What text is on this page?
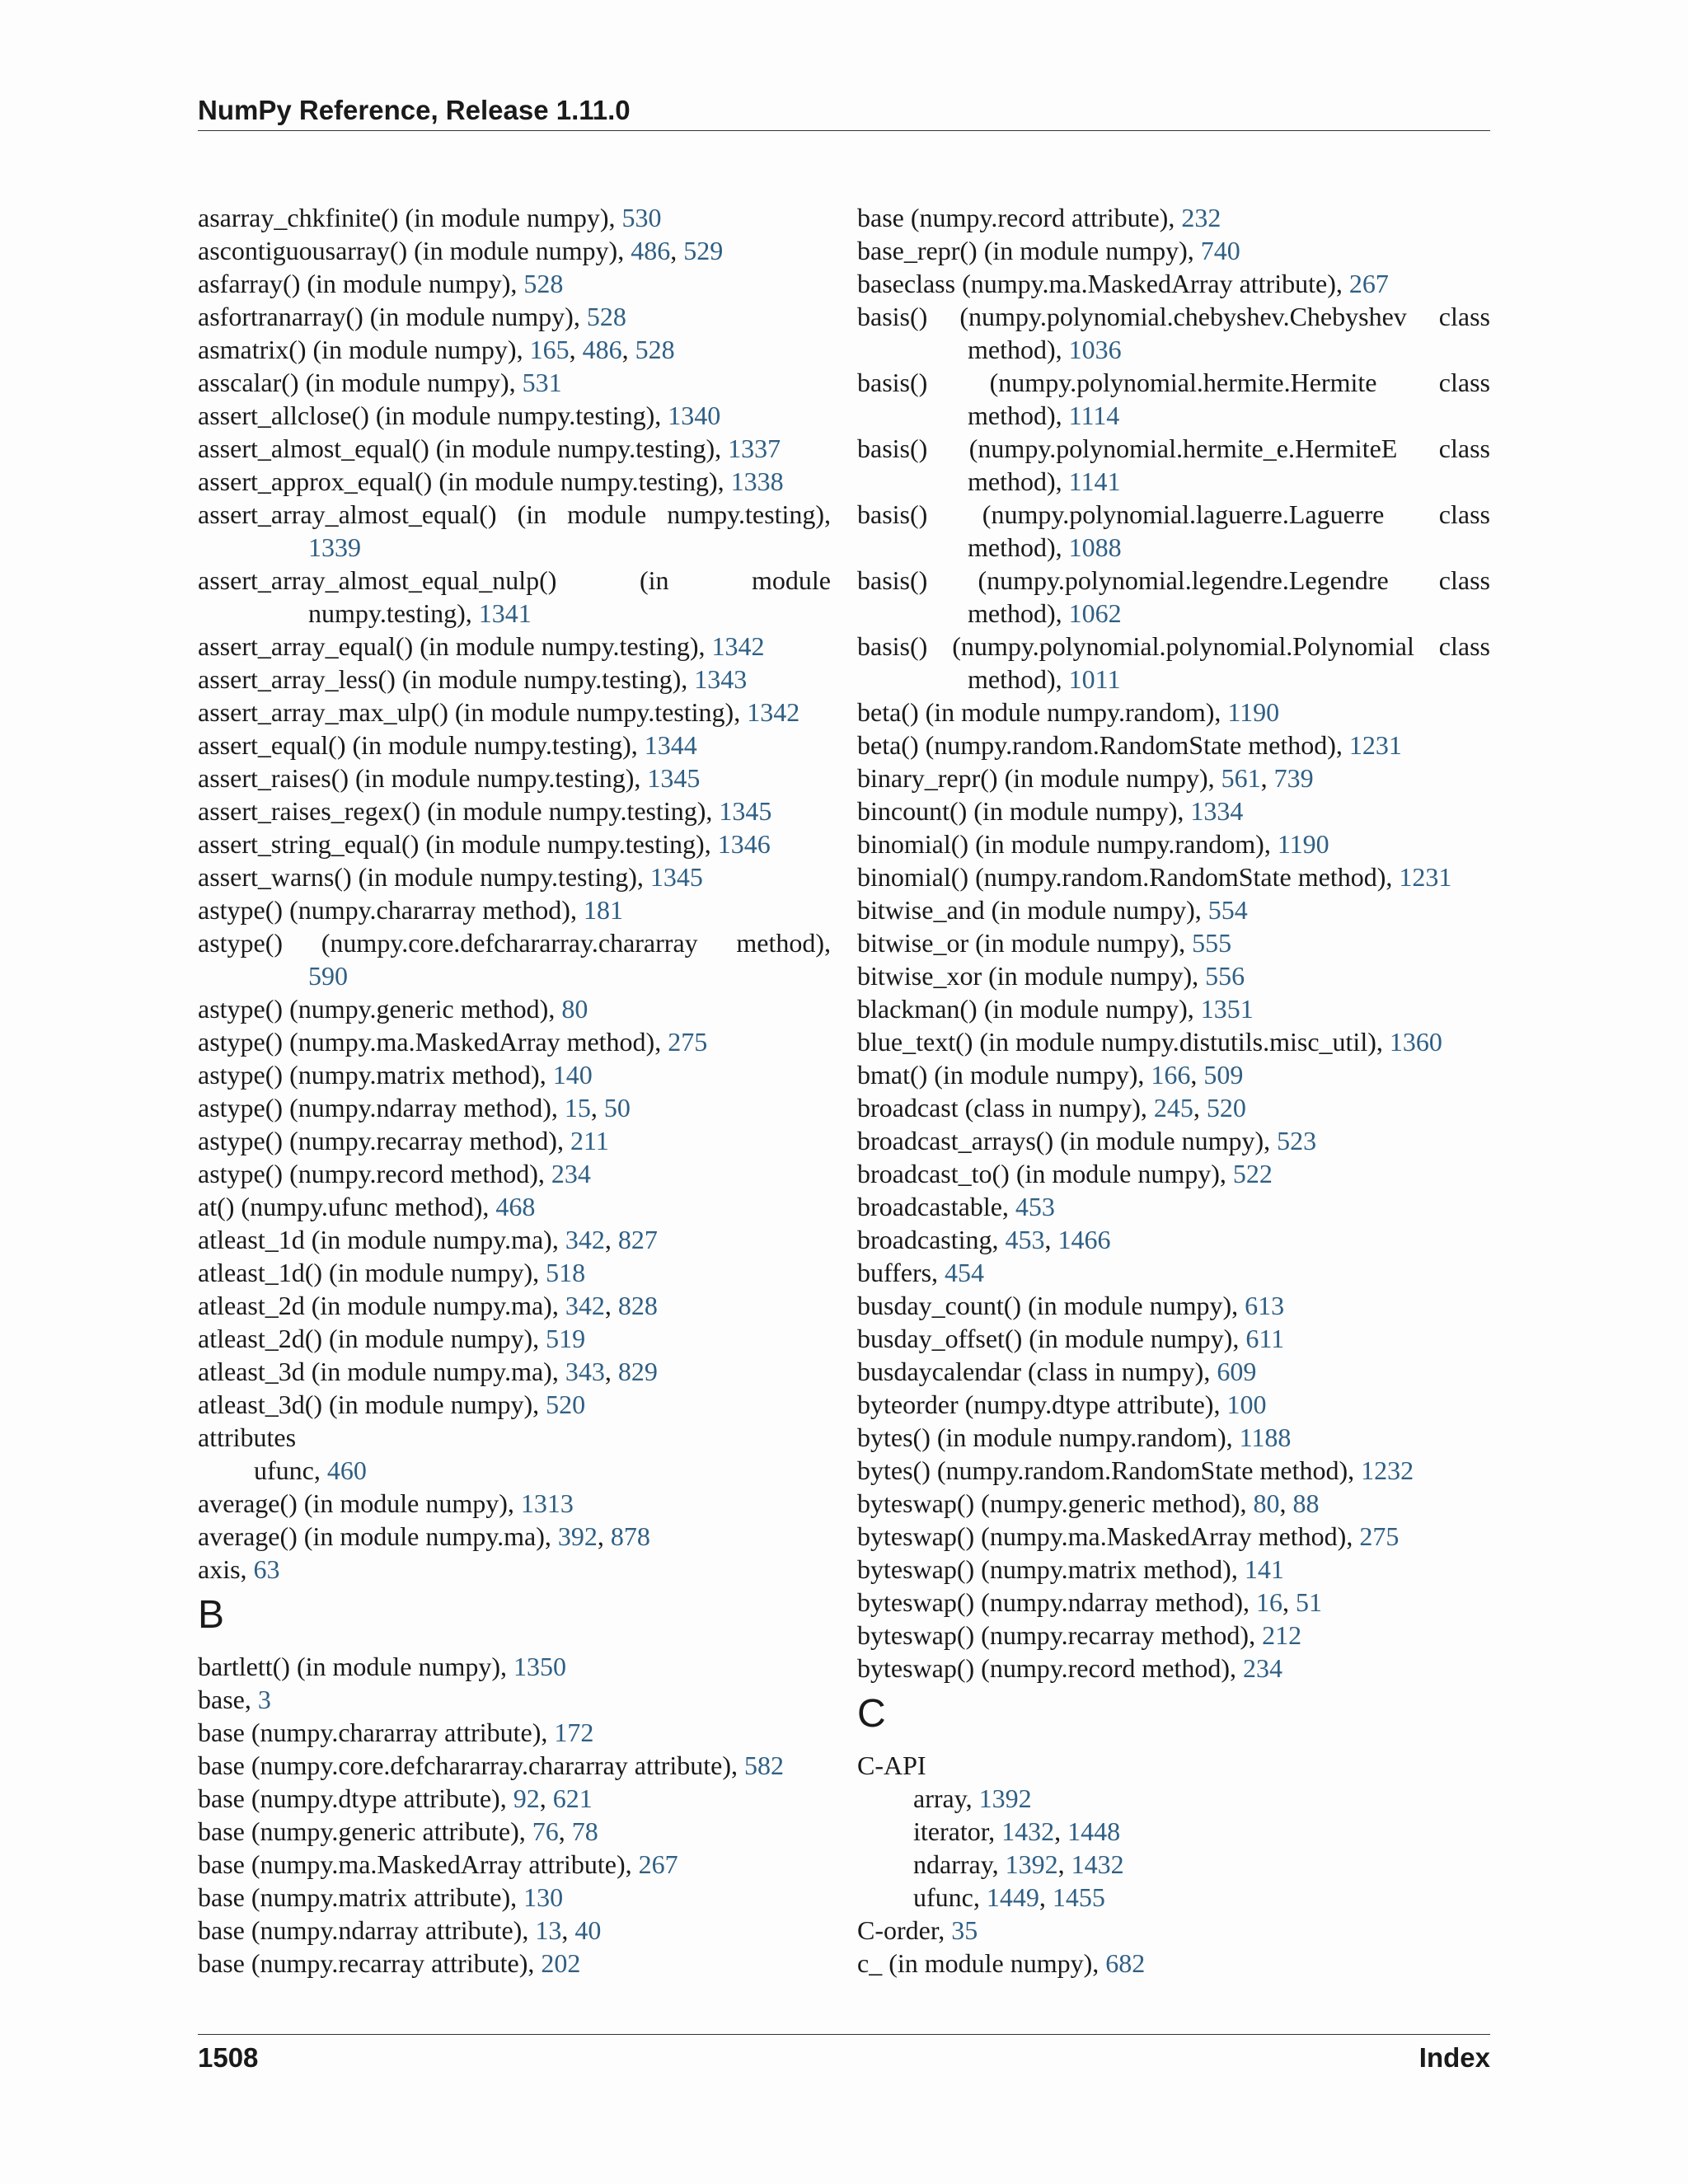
NumPy Reference, Release 1.11.0
asarray_chkfinite() (in module numpy), 530
ascontiguousarray() (in module numpy), 486, 529
asfarray() (in module numpy), 528
asfortranarray() (in module numpy), 528
asmatrix() (in module numpy), 165, 486, 528
asscalar() (in module numpy), 531
assert_allclose() (in module numpy.testing), 1340
assert_almost_equal() (in module numpy.testing), 1337
assert_approx_equal() (in module numpy.testing), 1338
assert_array_almost_equal() (in module numpy.testing),
1339
assert_array_almost_equal_nulp() (in module
numpy.testing), 1341
assert_array_equal() (in module numpy.testing), 1342
assert_array_less() (in module numpy.testing), 1343
assert_array_max_ulp() (in module numpy.testing), 1342
assert_equal() (in module numpy.testing), 1344
assert_raises() (in module numpy.testing), 1345
assert_raises_regex() (in module numpy.testing), 1345
assert_string_equal() (in module numpy.testing), 1346
assert_warns() (in module numpy.testing), 1345
astype() (numpy.chararray method), 181
astype() (numpy.core.defchararray.chararray method),
590
astype() (numpy.generic method), 80
astype() (numpy.ma.MaskedArray method), 275
astype() (numpy.matrix method), 140
astype() (numpy.ndarray method), 15, 50
astype() (numpy.recarray method), 211
astype() (numpy.record method), 234
at() (numpy.ufunc method), 468
atleast_1d (in module numpy.ma), 342, 827
atleast_1d() (in module numpy), 518
atleast_2d (in module numpy.ma), 342, 828
atleast_2d() (in module numpy), 519
atleast_3d (in module numpy.ma), 343, 829
atleast_3d() (in module numpy), 520
attributes
ufunc, 460
average() (in module numpy), 1313
average() (in module numpy.ma), 392, 878
axis, 63
B
bartlett() (in module numpy), 1350
base, 3
base (numpy.chararray attribute), 172
base (numpy.core.defchararray.chararray attribute), 582
base (numpy.dtype attribute), 92, 621
base (numpy.generic attribute), 76, 78
base (numpy.ma.MaskedArray attribute), 267
base (numpy.matrix attribute), 130
base (numpy.ndarray attribute), 13, 40
base (numpy.recarray attribute), 202
base (numpy.record attribute), 232
base_repr() (in module numpy), 740
baseclass (numpy.ma.MaskedArray attribute), 267
basis() (numpy.polynomial.chebyshev.Chebyshev class
method), 1036
basis() (numpy.polynomial.hermite.Hermite class
method), 1114
basis() (numpy.polynomial.hermite_e.HermiteE class
method), 1141
basis() (numpy.polynomial.laguerre.Laguerre class
method), 1088
basis() (numpy.polynomial.legendre.Legendre class
method), 1062
basis() (numpy.polynomial.polynomial.Polynomial class
method), 1011
beta() (in module numpy.random), 1190
beta() (numpy.random.RandomState method), 1231
binary_repr() (in module numpy), 561, 739
bincount() (in module numpy), 1334
binomial() (in module numpy.random), 1190
binomial() (numpy.random.RandomState method), 1231
bitwise_and (in module numpy), 554
bitwise_or (in module numpy), 555
bitwise_xor (in module numpy), 556
blackman() (in module numpy), 1351
blue_text() (in module numpy.distutils.misc_util), 1360
bmat() (in module numpy), 166, 509
broadcast (class in numpy), 245, 520
broadcast_arrays() (in module numpy), 523
broadcast_to() (in module numpy), 522
broadcastable, 453
broadcasting, 453, 1466
buffers, 454
busday_count() (in module numpy), 613
busday_offset() (in module numpy), 611
busdaycalendar (class in numpy), 609
byteorder (numpy.dtype attribute), 100
bytes() (in module numpy.random), 1188
bytes() (numpy.random.RandomState method), 1232
byteswap() (numpy.generic method), 80, 88
byteswap() (numpy.ma.MaskedArray method), 275
byteswap() (numpy.matrix method), 141
byteswap() (numpy.ndarray method), 16, 51
byteswap() (numpy.recarray method), 212
byteswap() (numpy.record method), 234
C
C-API
array, 1392
iterator, 1432, 1448
ndarray, 1392, 1432
ufunc, 1449, 1455
C-order, 35
c_ (in module numpy), 682
1508	Index
